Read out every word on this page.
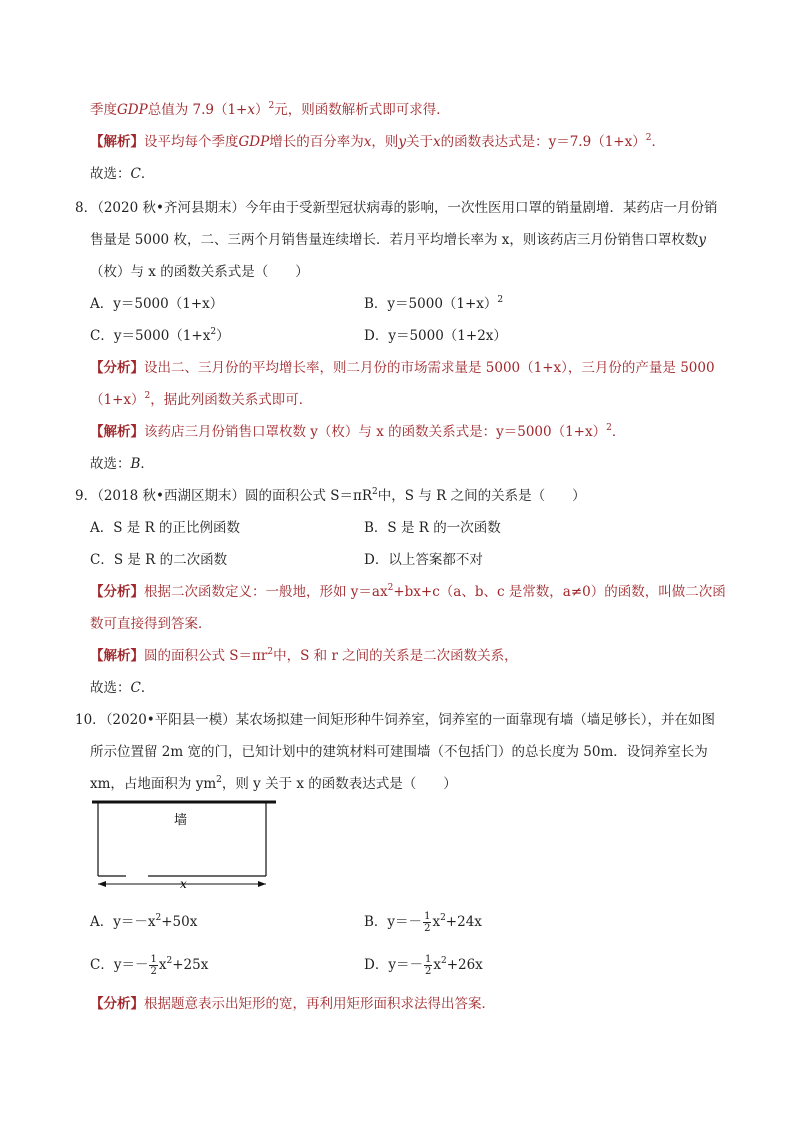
季度GDP总值为 $7.9(1+x)^2$元，则函数解析式即可求得．
【解析】设平均每个季度GDP增长的百分率为x，则y关于x的函数表达式是：$y=7.9(1+x)^2$．
故选：C．
8．（2020 秋•齐河县期末）今年由于受新型冠状病毒的影响，一次性医用口罩的销量剧增．某药店一月份销
售量是 5000 枚，二、三两个月销售量连续增长．若月平均增长率为 x，则该药店三月份销售口罩枚数y
（枚）与 x 的函数关系式是（　　）
A．y＝5000（1+x）	B．$y=5000(1+x)^2$
C．$y=5000(1+x^2)$	D．y＝5000（1+2x）
【分析】设出二、三月份的平均增长率，则二月份的市场需求量是 5000（1+x），三月份的产量是 5000
$(1+x)^2$，据此列函数关系式即可．
【解析】该药店三月份销售口罩枚数 y（枚）与 x 的函数关系式是：$y=5000(1+x)^2$．
故选：B．
9．（2018 秋•西湖区期末）圆的面积公式 $S=\pi R^2$中，S 与 R 之间的关系是（　　）
A．S 是 R 的正比例函数	B．S 是 R 的一次函数
C．S 是 R 的二次函数	D．以上答案都不对
【分析】根据二次函数定义：一般地，形如 $y=ax^2+bx+c(a$、b、c 是常数，a≠0）的函数，叫做二次函
数可直接得到答案．
【解析】圆的面积公式 $S=\pi r^2$中，S 和 r 之间的关系是二次函数关系，
故选：C．
10．（2020•平阳县一模）某农场拟建一间矩形种牛饲养室，饲养室的一面靠现有墙（墙足够长），并在如图
所示位置留 2m 宽的门，已知计划中的建筑材料可建围墙（不包括门）的总长度为 50m．设饲养室长为
xm，占地面积为 $ym^2$，则 y 关于 x 的函数表达式是（　　）
墙
x
A．$y=-x^2+50x$	B．$y=- \frac{1}{2} x^2+24x$
C．$y=- \frac{1}{2} x^2+25x$	D．$y=- \frac{1}{2} x^2+26x$
【分析】根据题意表示出矩形的宽，再利用矩形面积求法得出答案．
